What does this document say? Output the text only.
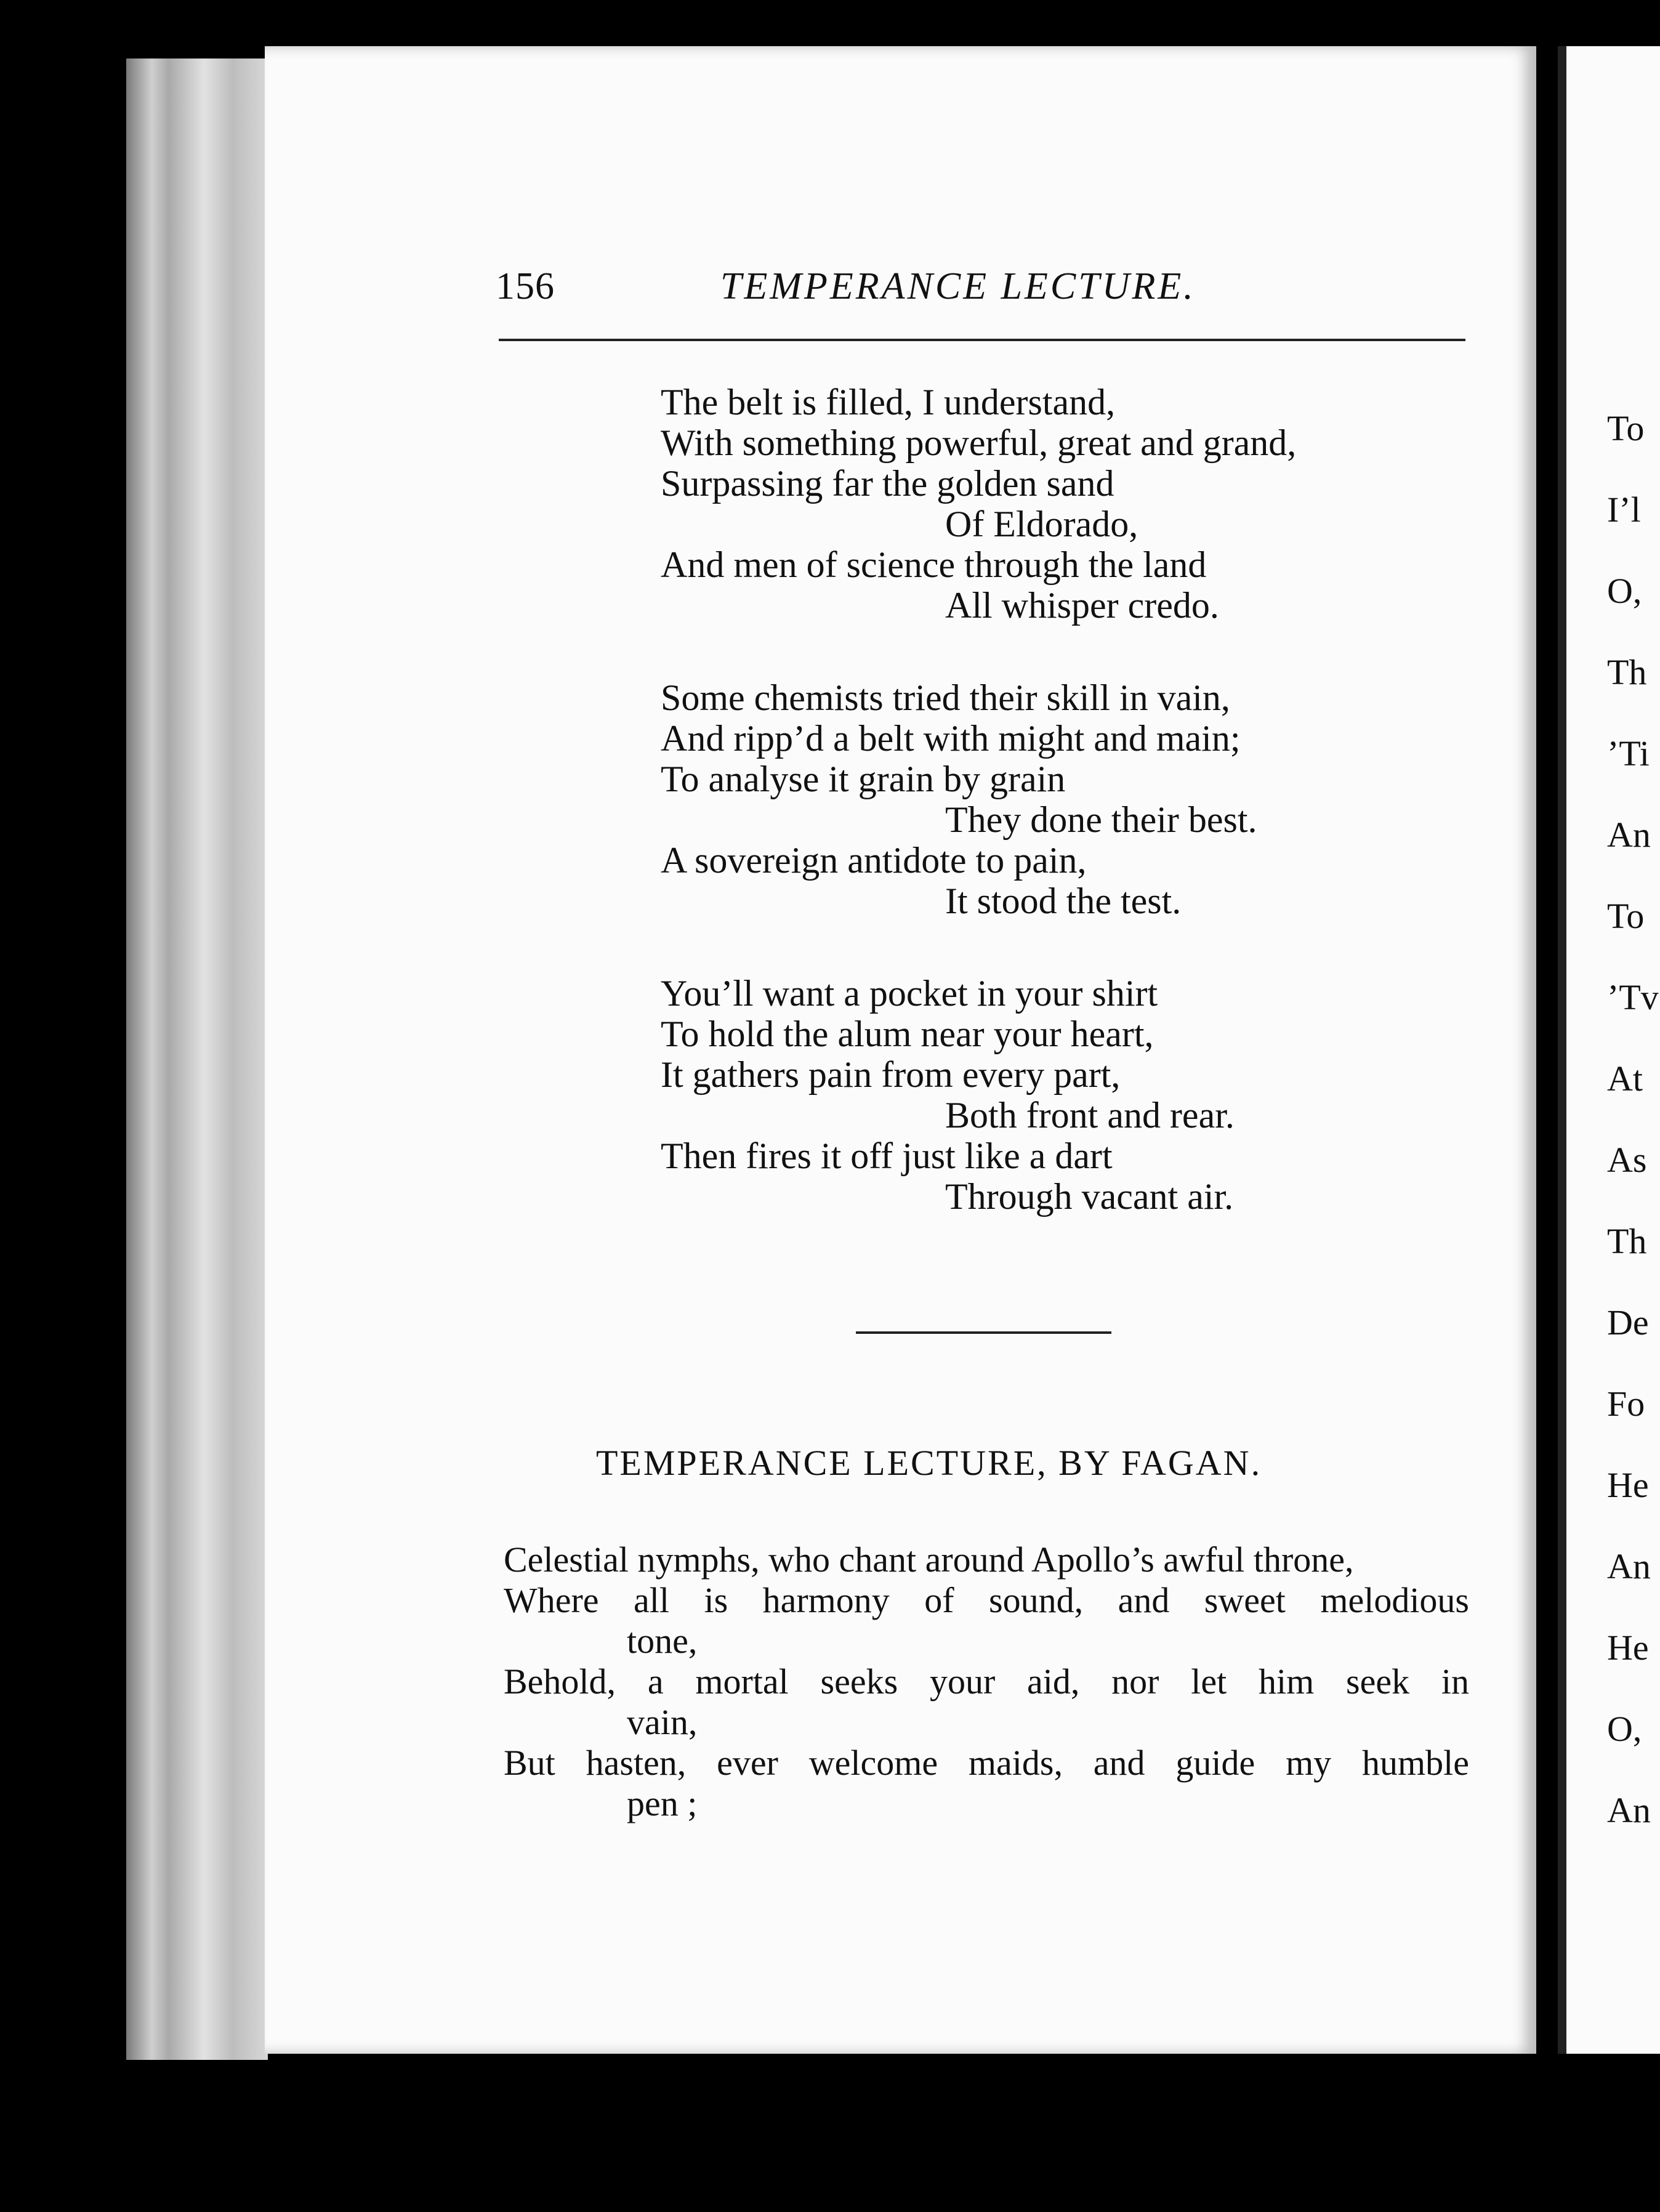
156	TEMPERANCE LECTURE.
The belt is filled, I understand,
With something powerful, great and grand,
Surpassing far the golden sand
Of Eldorado,
And men of science through the land
All whisper credo.
Some chemists tried their skill in vain,
And ripp’d a belt with might and main;
To analyse it grain by grain
They done their best.
A sovereign antidote to pain,
It stood the test.
You’ll want a pocket in your shirt
To hold the alum near your heart,
It gathers pain from every part,
Both front and rear.
Then fires it off just like a dart
Through vacant air.
TEMPERANCE LECTURE, BY FAGAN.
Celestial nymphs, who chant around Apollo’s awful throne,
Where all is harmony of sound, and sweet melodious
tone,
Behold, a mortal seeks your aid, nor let him seek in
vain,
But hasten, ever welcome maids, and guide my humble
pen ;
To
I’l
O,
Th
’Ti
An
To
’Tv
At
As
Th
De
Fo
He
An
He
O,
An
